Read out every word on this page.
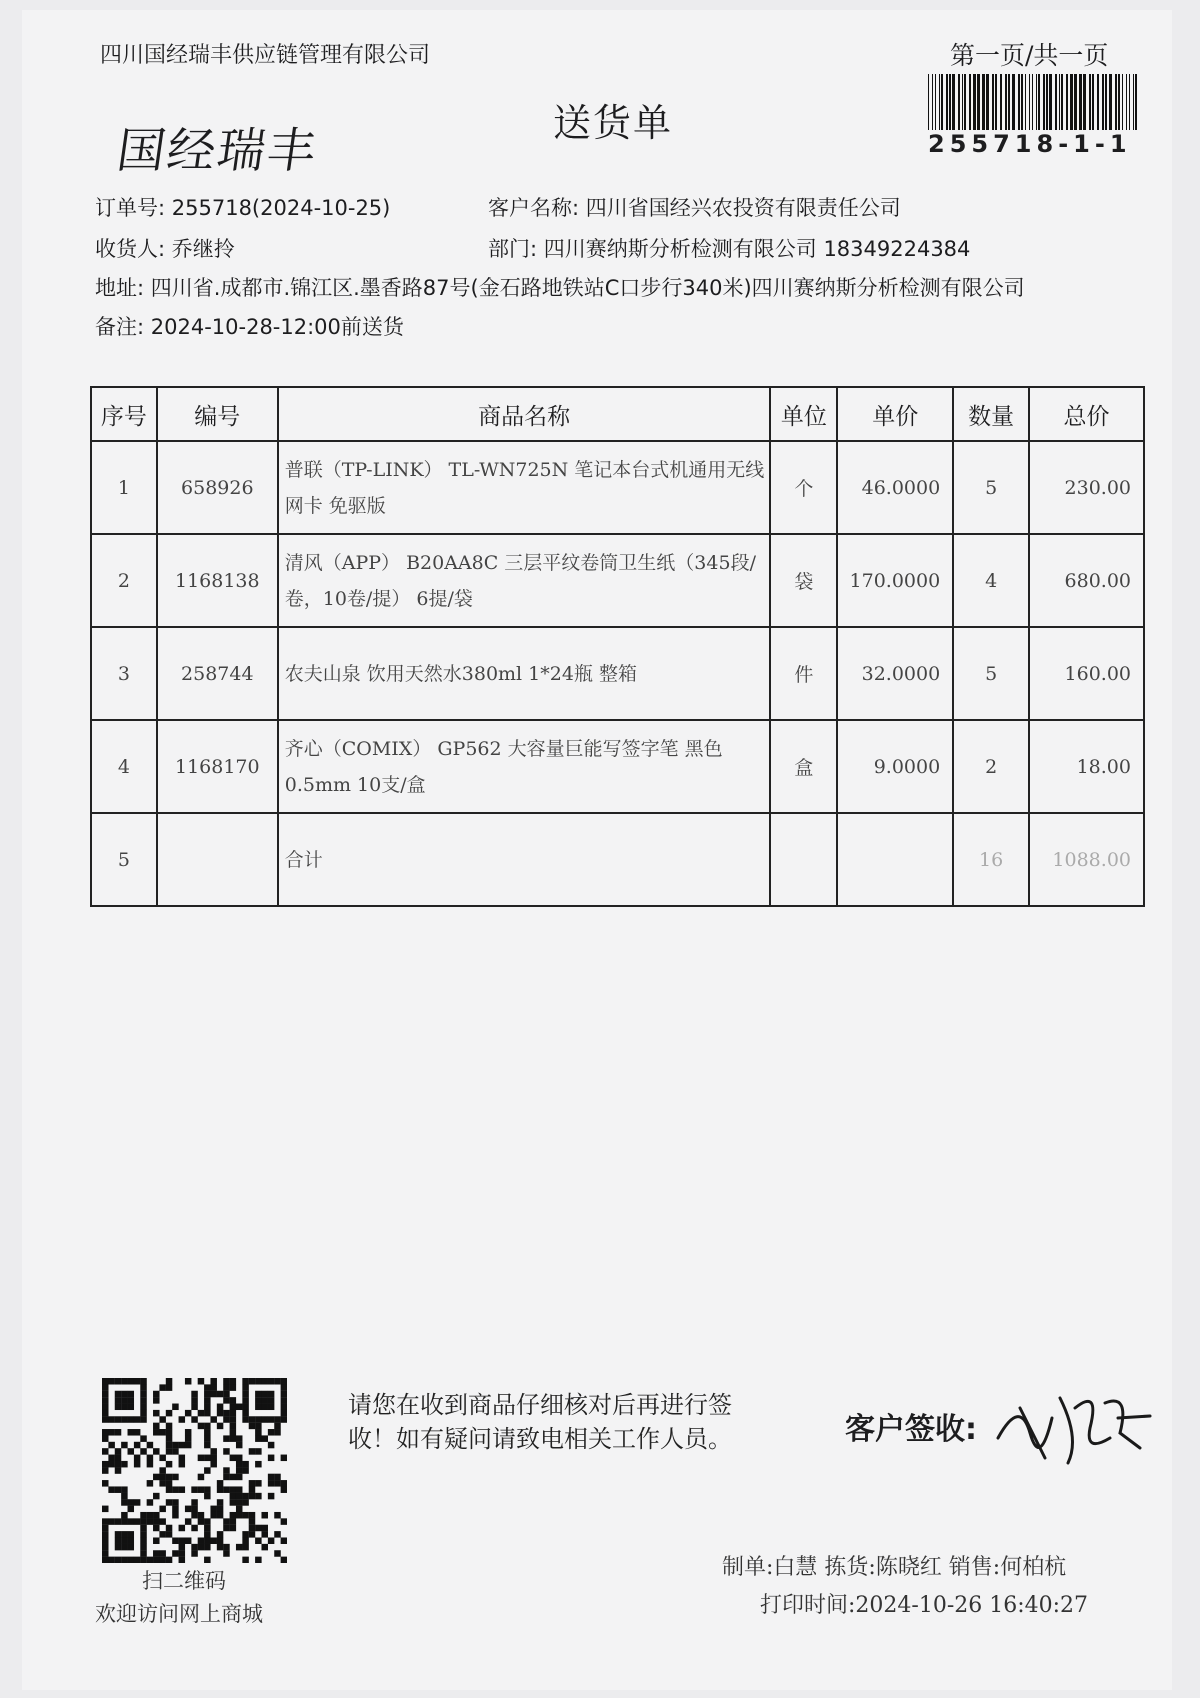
四川国经瑞丰供应链管理有限公司	第一页/共一页
送货单
国经瑞丰	255718-1-1
订单号: 255718(2024-10-25)	客户名称: 四川省国经兴农投资有限责任公司
收货人: 乔继拎	部门: 四川赛纳斯分析检测有限公司 18349224384
地址: 四川省.成都市.锦江区.墨香路87号(金石路地铁站C口步行340米)四川赛纳斯分析检测有限公司
备注: 2024-10-28-12:00前送货
序号	编号	商品名称	单位	单价	数量	总价
1	658926	普联（TP-LINK） TL-WN725N 笔记本台式机通用无线网卡 免驱版	个	46.0000	5	230.00
2	1168138	清风（APP） B20AA8C 三层平纹卷筒卫生纸（345段/卷，10卷/提） 6提/袋	袋	170.0000	4	680.00
3	258744	农夫山泉 饮用天然水380ml 1*24瓶 整箱	件	32.0000	5	160.00
4	1168170	齐心（COMIX） GP562 大容量巨能写签字笔 黑色 0.5mm 10支/盒	盒	9.0000	2	18.00
5		合计			16	1088.00
扫二维码
欢迎访问网上商城
请您在收到商品仔细核对后再进行签收！如有疑问请致电相关工作人员。	客户签收:
制单:白慧 拣货:陈晓红 销售:何柏杭
打印时间:2024-10-26 16:40:27
